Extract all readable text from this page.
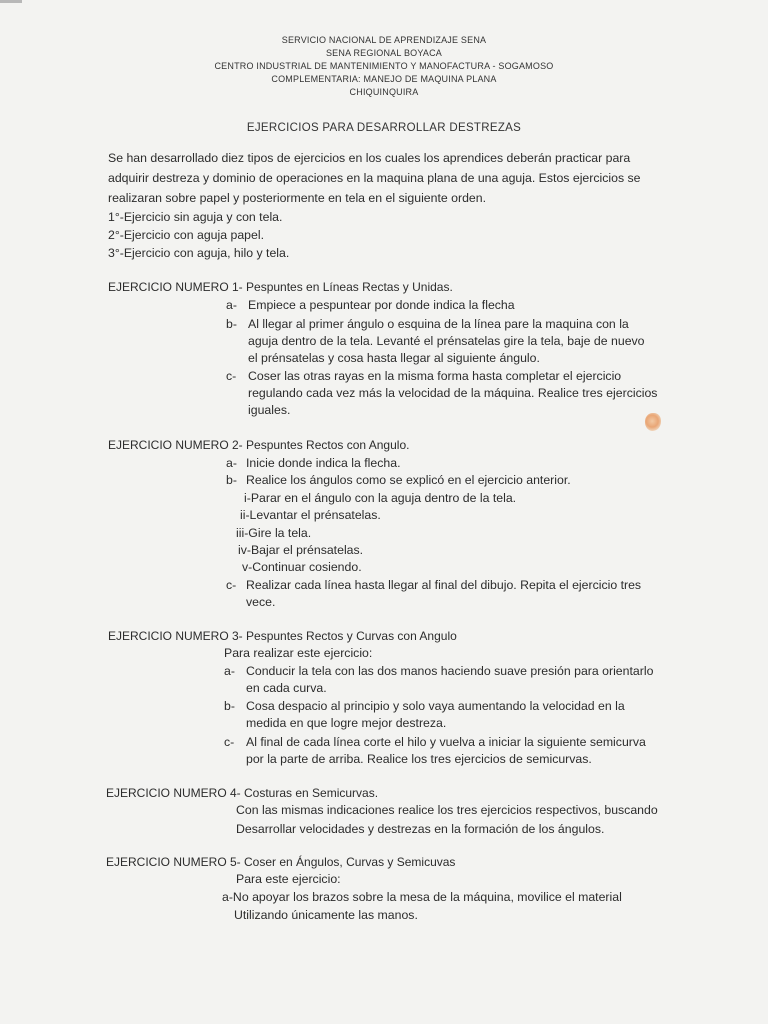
SERVICIO NACIONAL DE APRENDIZAJE SENA
SENA REGIONAL BOYACA
CENTRO INDUSTRIAL DE MANTENIMIENTO Y MANOFACTURA - SOGAMOSO
COMPLEMENTARIA: MANEJO DE MAQUINA PLANA
CHIQUINQUIRA
EJERCICIOS PARA DESARROLLAR DESTREZAS
Se han desarrollado diez tipos de ejercicios en los cuales los aprendices deberán practicar para
adquirir destreza y dominio de operaciones en la maquina plana de una aguja. Estos ejercicios se
realizaran sobre papel y posteriormente en tela en el siguiente orden.
1°-Ejercicio sin aguja y con tela.
2°-Ejercicio con aguja papel.
3°-Ejercicio con aguja, hilo y tela.
EJERCICIO NUMERO 1- Pespuntes en Líneas Rectas y Unidas.
a- Empiece a pespuntear por donde indica la flecha
b- Al llegar al primer ángulo o esquina de la línea pare la maquina con la
aguja dentro de la tela. Levanté el prénsatelas gire la tela, baje de nuevo
el prénsatelas y cosa hasta llegar al siguiente ángulo.
c- Coser las otras rayas en la misma forma hasta completar el ejercicio
regulando cada vez más la velocidad de la máquina. Realice tres ejercicios
iguales.
EJERCICIO NUMERO 2- Pespuntes Rectos con Angulo.
a- Inicie donde indica la flecha.
b- Realice los ángulos como se explicó en el ejercicio anterior.
i-Parar en el ángulo con la aguja dentro de la tela.
ii-Levantar el prénsatelas.
iii-Gire la tela.
iv-Bajar el prénsatelas.
v-Continuar cosiendo.
c- Realizar cada línea hasta llegar al final del dibujo. Repita el ejercicio tres
vece.
EJERCICIO NUMERO 3- Pespuntes Rectos y Curvas con Angulo
Para realizar este ejercicio:
a- Conducir la tela con las dos manos haciendo suave presión para orientarlo
en cada curva.
b- Cosa despacio al principio y solo vaya aumentando la velocidad en la
medida en que logre mejor destreza.
c- Al final de cada línea corte el hilo y vuelva a iniciar la siguiente semicurva
por la parte de arriba. Realice los tres ejercicios de semicurvas.
EJERCICIO NUMERO 4- Costuras en Semicurvas.
Con las mismas indicaciones realice los tres ejercicios respectivos, buscando
Desarrollar velocidades y destrezas en la formación de los ángulos.
EJERCICIO NUMERO 5- Coser en Ángulos, Curvas y Semicuvas
Para este ejercicio:
a-No apoyar los brazos sobre la mesa de la máquina, movilice el material
Utilizando únicamente las manos.
